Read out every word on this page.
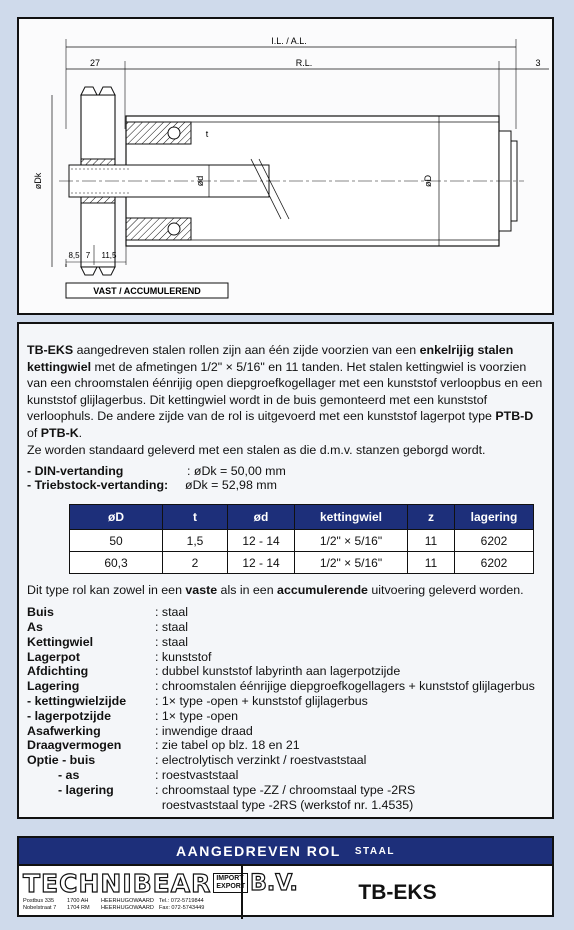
I.L. / A.L.
27	R.L.	3
øDk	øD
ød
t
8,5 7 11,5
VAST / ACCUMULEREND
TB-EKS aangedreven stalen rollen zijn aan één zijde voorzien van een enkelrijig stalen kettingwiel met de afmetingen 1/2" × 5/16" en 11 tanden. Het stalen kettingwiel is voorzien van een chroomstalen éénrijig open diepgroefkogellager met een kunststof verloopbus en een kunststof glijlagerbus. Dit kettingwiel wordt in de buis gemonteerd met een kunststof verloophuls. De andere zijde van de rol is uitgevoerd met een kunststof lagerpot type PTB-D of PTB-K.
Ze worden standaard geleverd met een stalen as die d.m.v. stanzen geborgd wordt.
- DIN-vertanding	: øDk = 50,00 mm
- Triebstock-vertanding:	øDk = 52,98 mm
øD	t	ød	kettingwiel	z	lagering
50	1,5	12 - 14	1/2" × 5/16"	11	6202
60,3	2	12 - 14	1/2" × 5/16"	11	6202
Dit type rol kan zowel in een vaste als in een accumulerende uitvoering geleverd worden.
Buis	: staal
As	: staal
Kettingwiel	: staal
Lagerpot	: kunststof
Afdichting	: dubbel kunststof labyrinth aan lagerpotzijde
Lagering	: chroomstalen éénrijige diepgroefkogellagers + kunststof glijlagerbus
- kettingwielzijde	: 1× type -open + kunststof glijlagerbus
- lagerpotzijde	: 1× type -open
Asafwerking	: inwendige draad
Draagvermogen	: zie tabel op blz. 18 en 21
Optie - buis	: electrolytisch verzinkt / roestvaststaal
- as	: roestvaststaal
- lagering	: chroomstaal type -ZZ / chroomstaal type -2RS
roestvaststaal type -2RS (werkstof nr. 1.4535)
AANGEDREVEN ROL STAAL
TECHNIBEAR IMPORT
EXPORT B.V.
Postbus 335	1700 AH	HEERHUGOWAARD Tel.: 072-5719844
Nobelstraat 7	1704 RM	HEERHUGOWAARD Fax: 072-5743449
TB-EKS
